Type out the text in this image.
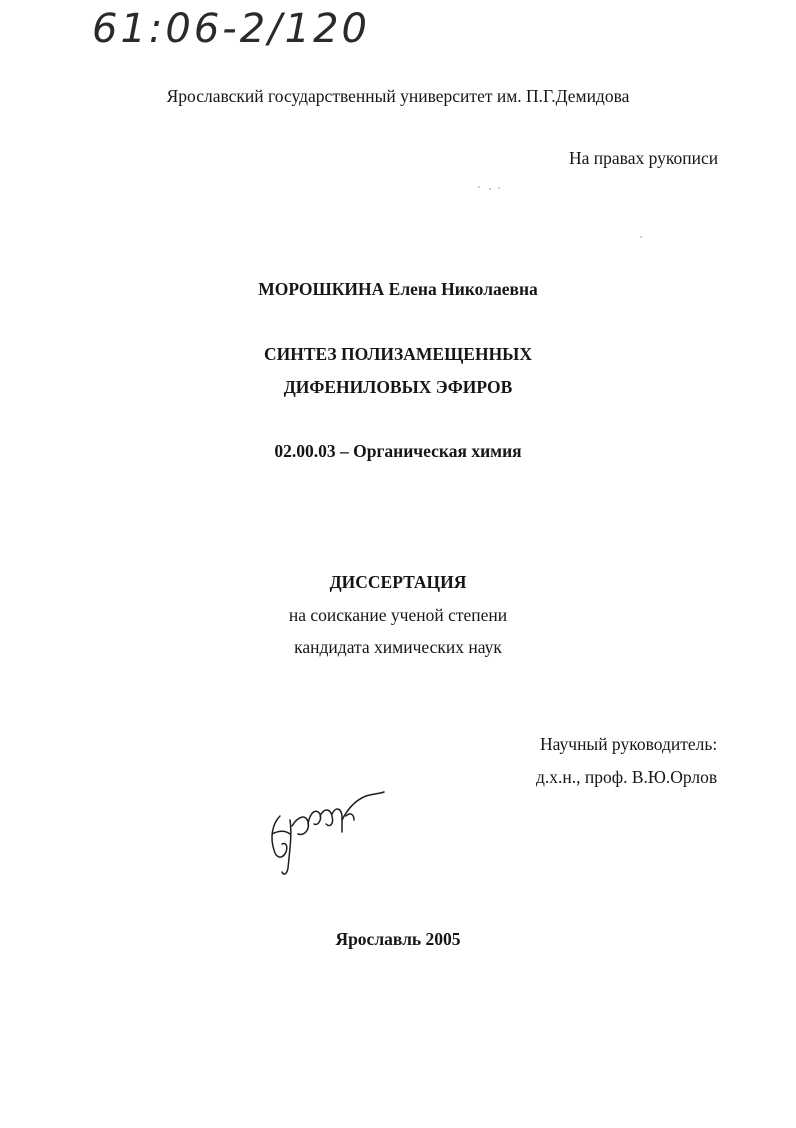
61:06-2/120
Ярославский государственный университет им. П.Г.Демидова
На правах рукописи
МОРОШКИНА Елена Николаевна
СИНТЕЗ ПОЛИЗАМЕЩЕННЫХ
ДИФЕНИЛОВЫХ ЭФИРОВ
02.00.03 – Органическая химия
ДИССЕРТАЦИЯ
на соискание ученой степени
кандидата химических наук
Научный руководитель:
д.х.н., проф. В.Ю.Орлов
Ярославль 2005
